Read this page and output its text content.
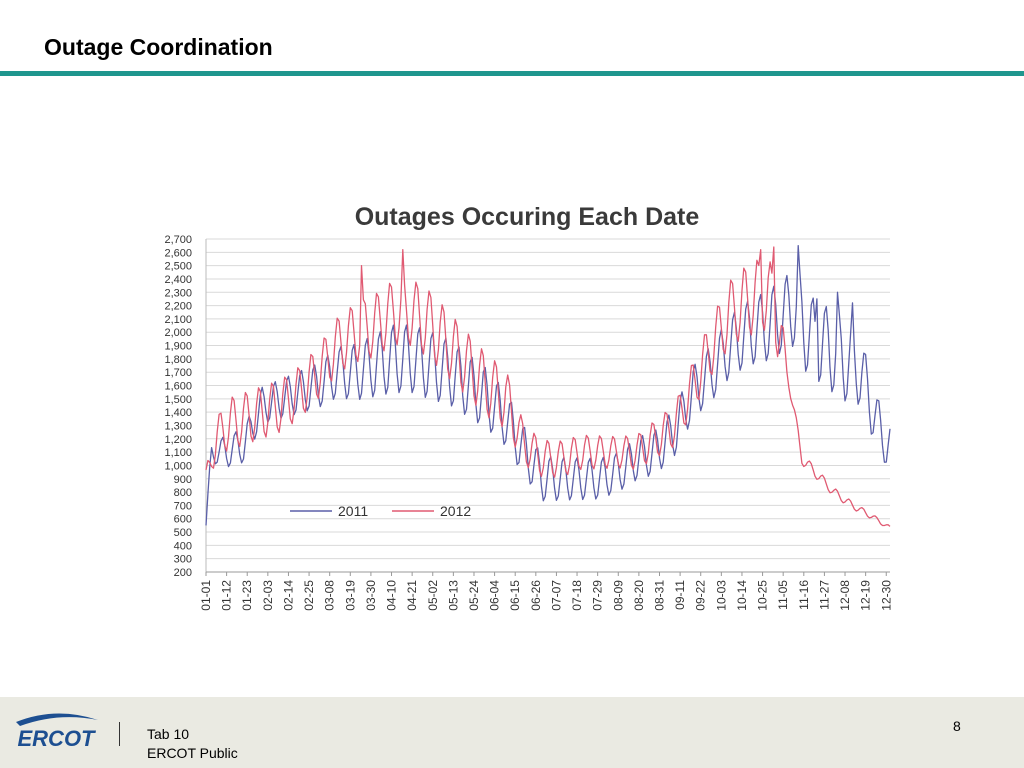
Outage Coordination
Outages Occuring Each Date
200
300
400
500
600
700
800
900
1,000
1,100
1,200
1,300
1,400
1,500
1,600
1,700
1,800
1,900
2,000
2,100
2,200
2,300
2,400
2,500
2,600
2,700
01-01 01-12 01-23 02-03 02-14 02-25 03-08 03-19 03-30 04-10 04-21 05-02 05-13 05-24 06-04 06-15 06-26 07-07 07-18 07-29 08-09 08-20 08-31 09-11 09-22 10-03 10-14 10-25 11-05 11-16 11-27 12-08 12-19 12-30
2011	2012
ERCOT	Tab 10
ERCOT Public
8
